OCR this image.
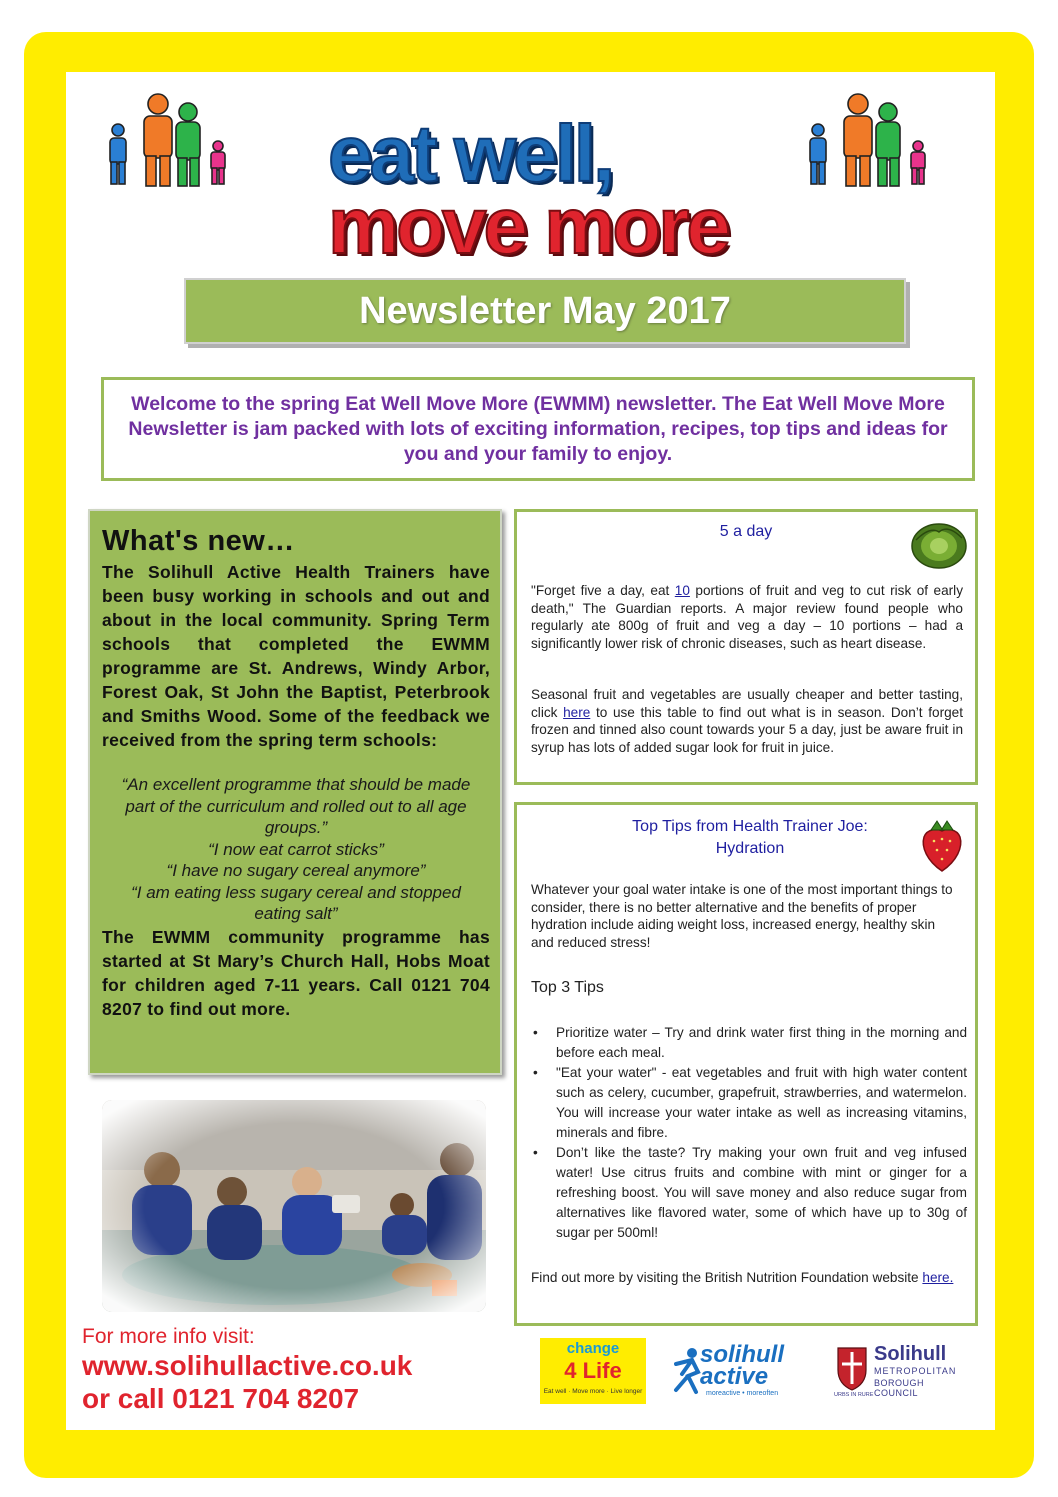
eat well,
move more
Newsletter May 2017

Welcome to the spring Eat Well Move More (EWMM) newsletter. The Eat Well Move More Newsletter is jam packed with lots of exciting information, recipes, top tips and ideas for you and your family to enjoy.

What's new…

The Solihull Active Health Trainers have been busy working in schools and out and about in the local community. Spring Term schools that completed the EWMM programme are St. Andrews, Windy Arbor, Forest Oak, St John the Baptist, Peterbrook and Smiths Wood. Some of the feedback we received from the spring term schools:

“An excellent programme that should be made part of the curriculum and rolled out to all age groups.”
“I now eat carrot sticks”
“I have no sugary cereal anymore”
“I am eating less sugary cereal and stopped eating salt”

The EWMM community programme has started at St Mary’s Church Hall, Hobs Moat for children aged 7-11 years. Call 0121 704 8207 to find out more.

For more info visit:
www.solihullactive.co.uk
or call 0121 704 8207
5 a day

"Forget five a day, eat 10 portions of fruit and veg to cut risk of early death," The Guardian reports. A major review found people who regularly ate 800g of fruit and veg a day – 10 portions – had a significantly lower risk of chronic diseases, such as heart disease.

Seasonal fruit and vegetables are usually cheaper and better tasting, click here to use this table to find out what is in season. Don’t forget frozen and tinned also count towards your 5 a day, just be aware fruit in syrup has lots of added sugar look for fruit in juice.

Top Tips from Health Trainer Joe:
Hydration

Whatever your goal water intake is one of the most important things to consider, there is no better alternative and the benefits of proper hydration include aiding weight loss, increased energy, healthy skin and reduced stress!

Top 3 Tips
• Prioritize water – Try and drink water first thing in the morning and before each meal.
• "Eat your water" - eat vegetables and fruit with high water content such as celery, cucumber, grapefruit, strawberries, and watermelon. You will increase your water intake as well as increasing vitamins, minerals and fibre.
• Don’t like the taste? Try making your own fruit and veg infused water! Use citrus fruits and combine with mint or ginger for a refreshing boost. You will save money and also reduce sugar from alternatives like flavored water, some of which have up to 30g of sugar per 500ml!

Find out more by visiting the British Nutrition Foundation website here.

change
4 Life
Eat well · Move more · Live longer
solihull active
moreactive • moreoften
Solihull
METROPOLITAN
BOROUGH COUNCIL
URBS IN RURE
